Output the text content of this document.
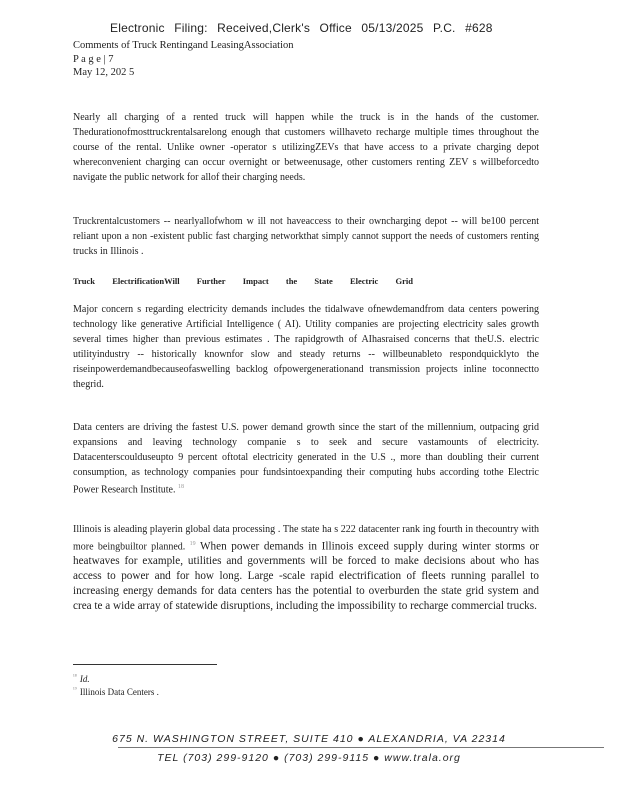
Electronic Filing: Received,Clerk's Office 05/13/2025 P.C. #628
Comments of Truck Rentingand LeasingAssociation
P a g e | 7
May 12, 202 5

Nearly all charging of a rented truck will happen while the truck is in the hands of the customer. Thedurationofmosttruckrentalsarelong enough that customers willhaveto recharge multiple times throughout the course of the rental. Unlike owner -operator s utilizingZEVs that have access to a private charging depot whereconvenient charging can occur overnight or betweenusage, other customers renting ZEV s willbeforcedto navigate the public network for allof their charging needs.

Truckrentalcustomers -- nearlyallofwhom w ill not haveaccess to their owncharging depot -- will be100 percent reliant upon a non -existent public fast charging networkthat simply cannot support the needs of customers renting trucks in Illinois .

Truck ElectrificationWill Further Impact the State Electric Grid

Major concern s regarding electricity demands includes the tidalwave ofnewdemandfrom data centers powering technology like generative Artificial Intelligence ( AI). Utility companies are projecting electricity sales growth several times higher than previous estimates . The rapidgrowth of AIhasraised concerns that theU.S. electric utilityindustry -- historically knownfor slow and steady returns -- willbeunableto respondquicklyto the riseinpowerdemandbecauseofaswelling backlog ofpowergenerationand transmission projects inline toconnectto thegrid.

Data centers are driving the fastest U.S. power demand growth since the start of the millennium, outpacing grid expansions and leaving technology companie s to seek and secure vastamounts of electricity. Datacenterscoulduseupto 9 percent oftotal electricity generated in the U.S ., more than doubling their current consumption, as technology companies pour fundsintoexpanding their computing hubs according tothe Electric Power Research Institute. $^{18}$

Illinois is aleading playerin global data processing . The state ha s 222 datacenter rank ing fourth in thecountry with more beingbuiltor planned. $^{19}$ When power demands in Illinois exceed supply during winter storms or heatwaves for example, utilities and governments will be forced to make decisions about who has access to power and for how long. Large -scale rapid electrification of fleets running parallel to increasing energy demands for data centers has the potential to overburden the state grid system and crea te a wide array of statewide disruptions, including the impossibility to recharge commercial trucks.

$^{^{18}}$ Id.
$^{^{19}}$ Illinois Data Centers .
675 N. WASHINGTON STREET, SUITE 410 ● ALEXANDRIA, VA 22314
TEL (703) 299-9120 ● (703) 299-9115 ● www.trala.org
